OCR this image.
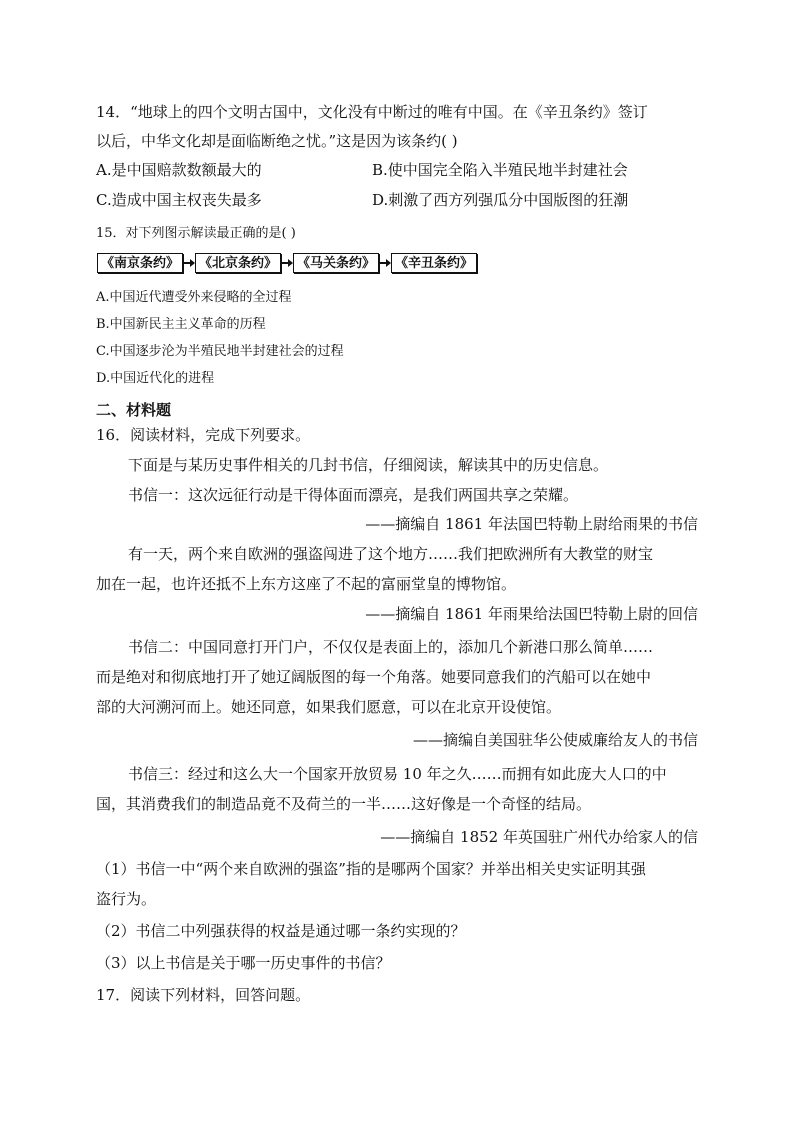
14．“地球上的四个文明古国中，文化没有中断过的唯有中国。在《辛丑条约》签订
以后，中华文化却是面临断绝之忧。”这是因为该条约( )
A.是中国赔款数额最大的	B.使中国完全陷入半殖民地半封建社会
C.造成中国主权丧失最多	D.刺激了西方列强瓜分中国版图的狂潮
15．对下列图示解读最正确的是( )
《南京条约》	《北京条约》	《马关条约》	《辛丑条约》
A.中国近代遭受外来侵略的全过程
B.中国新民主主义革命的历程
C.中国逐步沦为半殖民地半封建社会的过程
D.中国近代化的进程
二、材料题
16．阅读材料，完成下列要求。
下面是与某历史事件相关的几封书信，仔细阅读，解读其中的历史信息。
书信一：这次远征行动是干得体面而漂亮，是我们两国共享之荣耀。
——摘编自 1861 年法国巴特勒上尉给雨果的书信
有一天，两个来自欧洲的强盗闯进了这个地方……我们把欧洲所有大教堂的财宝
加在一起，也许还抵不上东方这座了不起的富丽堂皇的博物馆。
——摘编自 1861 年雨果给法国巴特勒上尉的回信
书信二：中国同意打开门户，不仅仅是表面上的，添加几个新港口那么简单……
而是绝对和彻底地打开了她辽阔版图的每一个角落。她要同意我们的汽船可以在她中
部的大河溯河而上。她还同意，如果我们愿意，可以在北京开设使馆。
——摘编自美国驻华公使威廉给友人的书信
书信三：经过和这么大一个国家开放贸易 10 年之久……而拥有如此庞大人口的中
国，其消费我们的制造品竟不及荷兰的一半……这好像是一个奇怪的结局。
——摘编自 1852 年英国驻广州代办给家人的信
（1）书信一中“两个来自欧洲的强盗”指的是哪两个国家？并举出相关史实证明其强
盗行为。
（2）书信二中列强获得的权益是通过哪一条约实现的？
（3）以上书信是关于哪一历史事件的书信？
17．阅读下列材料，回答问题。
